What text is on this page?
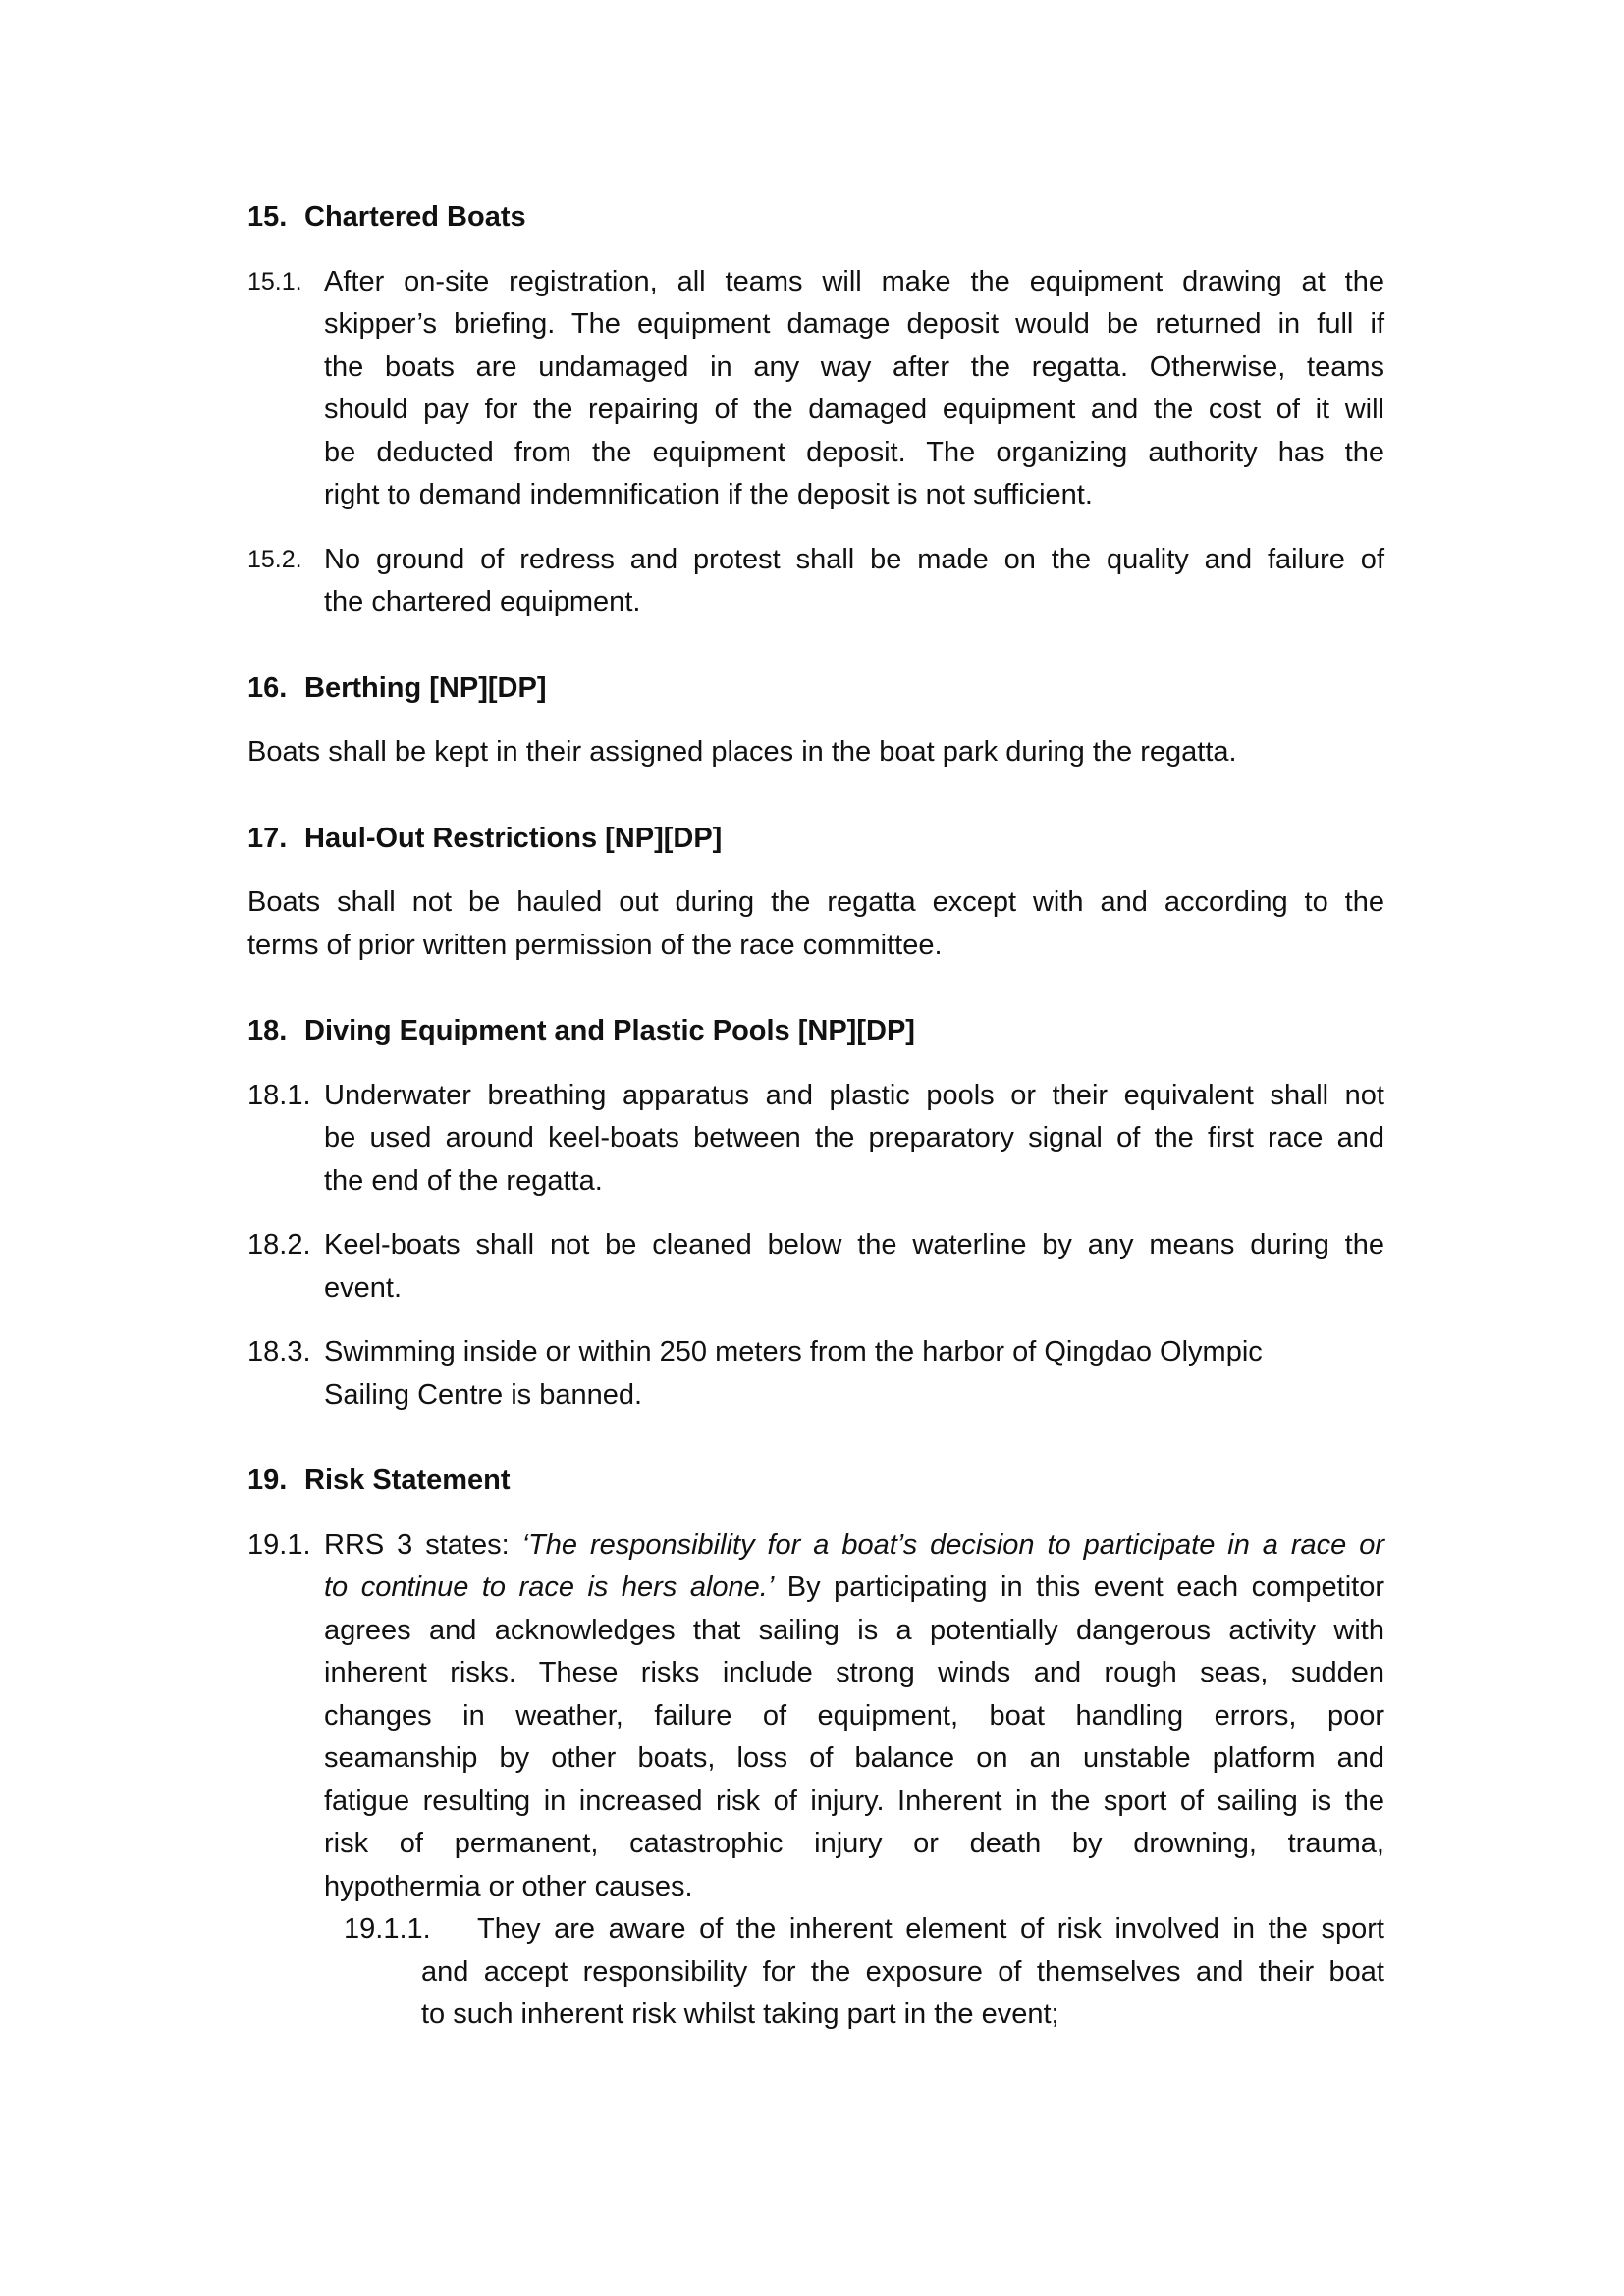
15. Chartered Boats
15.1. After on-site registration, all teams will make the equipment drawing at the
skipper’s briefing. The equipment damage deposit would be returned in full if
the boats are undamaged in any way after the regatta. Otherwise, teams
should pay for the repairing of the damaged equipment and the cost of it will
be deducted from the equipment deposit. The organizing authority has the
right to demand indemnification if the deposit is not sufficient.
15.2. No ground of redress and protest shall be made on the quality and failure of
the chartered equipment.
16. Berthing [NP][DP]
Boats shall be kept in their assigned places in the boat park during the regatta.
17. Haul-Out Restrictions [NP][DP]
Boats shall not be hauled out during the regatta except with and according to the
terms of prior written permission of the race committee.
18. Diving Equipment and Plastic Pools [NP][DP]
18.1. Underwater breathing apparatus and plastic pools or their equivalent shall not
be used around keel-boats between the preparatory signal of the first race and
the end of the regatta.
18.2. Keel-boats shall not be cleaned below the waterline by any means during the
event.
18.3. Swimming inside or within 250 meters from the harbor of Qingdao Olympic
Sailing Centre is banned.
19. Risk Statement
19.1. RRS 3 states: ‘The responsibility for a boat’s decision to participate in a race or
to continue to race is hers alone.’ By participating in this event each competitor
agrees and acknowledges that sailing is a potentially dangerous activity with
inherent risks. These risks include strong winds and rough seas, sudden
changes in weather, failure of equipment, boat handling errors, poor
seamanship by other boats, loss of balance on an unstable platform and
fatigue resulting in increased risk of injury. Inherent in the sport of sailing is the
risk of permanent, catastrophic injury or death by drowning, trauma,
hypothermia or other causes.
19.1.1.	They are aware of the inherent element of risk involved in the sport
and accept responsibility for the exposure of themselves and their boat
to such inherent risk whilst taking part in the event;
